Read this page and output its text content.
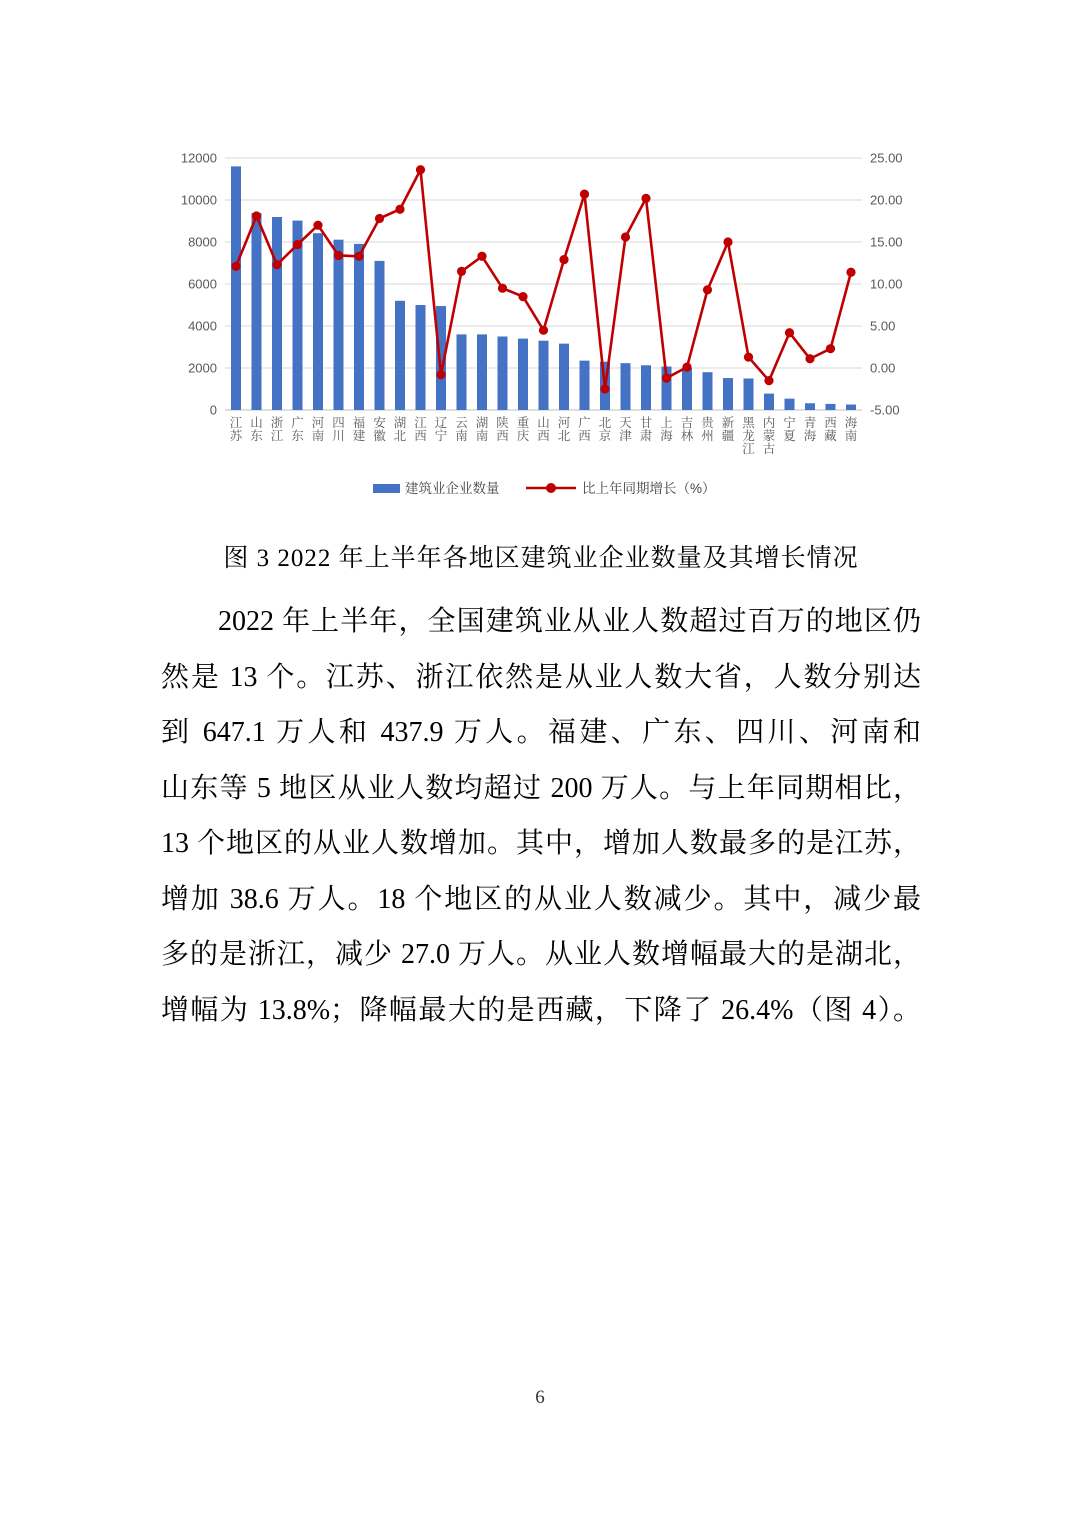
0
2000
4000
6000
8000
10000
12000
-5.00
0.00
5.00
10.00
15.00
20.00
25.00
江苏
山东
浙江
广东
河南
四川
福建
安徽
湖北
江西
辽宁
云南
湖南
陕西
重庆
山西
河北
广西
北京
天津
甘肃
上海
吉林
贵州
新疆
黑龙江
内蒙古
宁夏
青海
西藏
海南
建筑业企业数量	比上年同期增长（%）
图 3 2022 年上半年各地区建筑业企业数量及其增长情况
2022 年上半年，全国建筑业从业人数超过百万的地区仍
然是 13 个。江苏、浙江依然是从业人数大省，人数分别达
到 647.1 万人和 437.9 万人。福建、广东、四川、河南和
山东等 5 地区从业人数均超过 200 万人。与上年同期相比，
13 个地区的从业人数增加。其中，增加人数最多的是江苏，
增加 38.6 万人。18 个地区的从业人数减少。其中，减少最
多的是浙江，减少 27.0 万人。从业人数增幅最大的是湖北，
增幅为 13.8%；降幅最大的是西藏，下降了 26.4%（图 4）。
6
